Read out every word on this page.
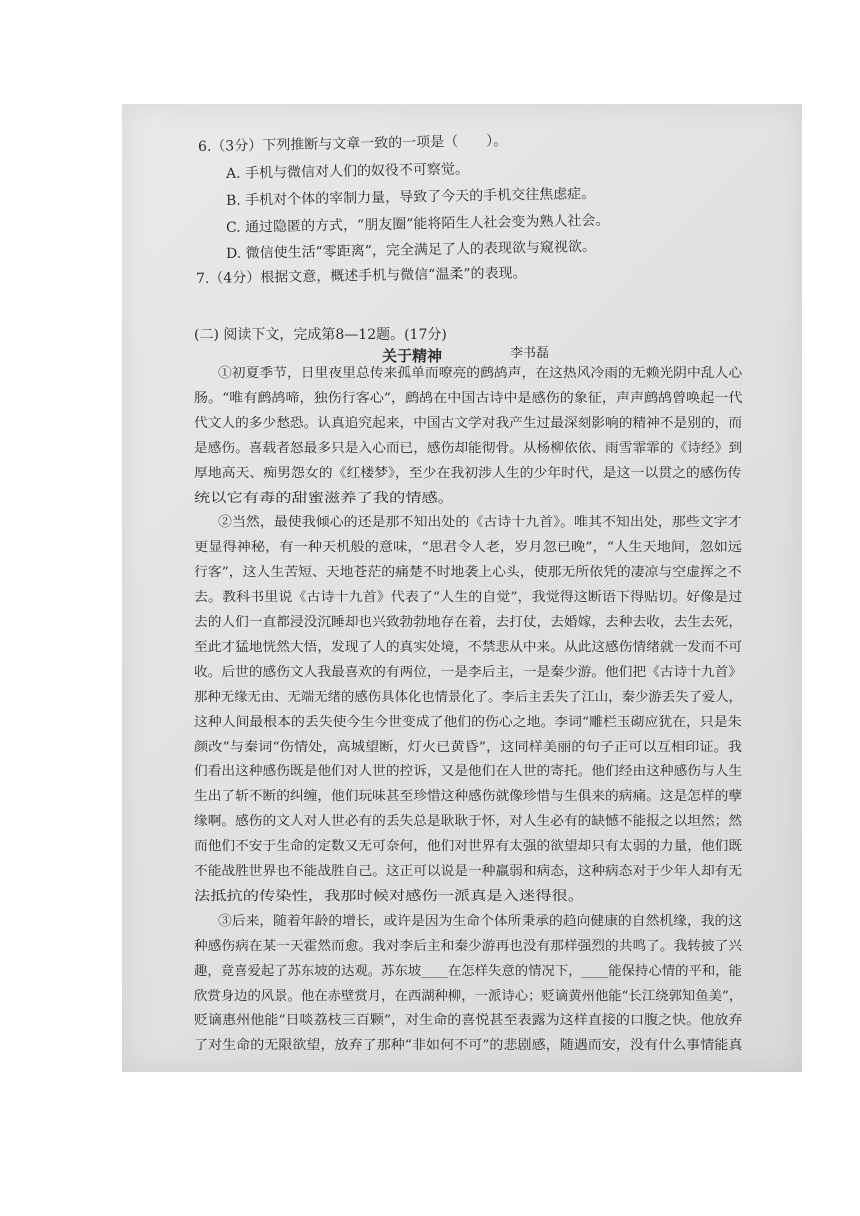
6.（3分）下列推断与文章一致的一项是（　　）。
A. 手机与微信对人们的奴役不可察觉。
B. 手机对个体的宰制力量，导致了今天的手机交往焦虑症。
C. 通过隐匿的方式，“朋友圈”能将陌生人社会变为熟人社会。
D. 微信使生活“零距离”，完全满足了人的表现欲与窥视欲。
7.（4分）根据文意，概述手机与微信“温柔”的表现。
(二) 阅读下文，完成第8—12题。(17分)
关于精神	李书磊
①初夏季节，日里夜里总传来孤单而嘹亮的鹧鸪声，在这热风冷雨的无赖光阴中乱人心
肠。“唯有鹧鸪啼，独伤行客心”，鹧鸪在中国古诗中是感伤的象征，声声鹧鸪曾唤起一代
代文人的多少愁恐。认真追究起来，中国古文学对我产生过最深刻影响的精神不是别的，而
是感伤。喜载者怒最多只是入心而已，感伤却能彻骨。从杨柳依依、雨雪霏霏的《诗经》到
厚地高天、痴男怨女的《红楼梦》，至少在我初涉人生的少年时代，是这一以贯之的感伤传
统以它有毒的甜蜜滋养了我的情感。
②当然，最使我倾心的还是那不知出处的《古诗十九首》。唯其不知出处，那些文字才
更显得神秘，有一种天机般的意味，“思君令人老，岁月忽已晚”，“人生天地间，忽如远
行客”，这人生苦短、天地苍茫的痛楚不时地袭上心头，使那无所依凭的凄凉与空虚挥之不
去。教科书里说《古诗十九首》代表了“人生的自觉”，我觉得这断语下得贴切。好像是过
去的人们一直都浸没沉睡却也兴致勃勃地存在着，去打仗，去婚嫁，去种去收，去生去死，
至此才猛地恍然大悟，发现了人的真实处境，不禁悲从中来。从此这感伤情绪就一发而不可
收。后世的感伤文人我最喜欢的有两位，一是李后主，一是秦少游。他们把《古诗十九首》
那种无缘无由、无端无绪的感伤具体化也情景化了。李后主丢失了江山，秦少游丢失了爱人，
这种人间最根本的丢失使今生今世变成了他们的伤心之地。李词“雕栏玉砌应犹在，只是朱
颜改”与秦词“伤情处，高城望断，灯火已黄昏”，这同样美丽的句子正可以互相印证。我
们看出这种感伤既是他们对人世的控诉，又是他们在人世的寄托。他们经由这种感伤与人生
生出了斩不断的纠缠，他们玩味甚至珍惜这种感伤就像珍惜与生俱来的病痛。这是怎样的孽
缘啊。感伤的文人对人世必有的丢失总是耿耿于怀，对人生必有的缺憾不能报之以坦然；然
而他们不安于生命的定数又无可奈何，他们对世界有太强的欲望却只有太弱的力量，他们既
不能战胜世界也不能战胜自己。这正可以说是一种羸弱和病态，这种病态对于少年人却有无
法抵抗的传染性，我那时候对感伤一派真是入迷得很。
③后来，随着年龄的增长，或许是因为生命个体所秉承的趋向健康的自然机缘，我的这
种感伤病在某一天霍然而愈。我对李后主和秦少游再也没有那样强烈的共鸣了。我转披了兴
趣，竟喜爱起了苏东坡的达观。苏东坡____在怎样失意的情况下，____能保持心情的平和，能
欣赏身边的风景。他在赤壁赏月，在西湖种柳，一派诗心；贬谪黄州他能“长江绕郭知鱼美”，
贬谪惠州他能“日啖荔枝三百颗”，对生命的喜悦甚至表露为这样直接的口腹之快。他放弃
了对生命的无限欲望，放弃了那种“非如何不可”的悲剧感，随遇而安，没有什么事情能真
